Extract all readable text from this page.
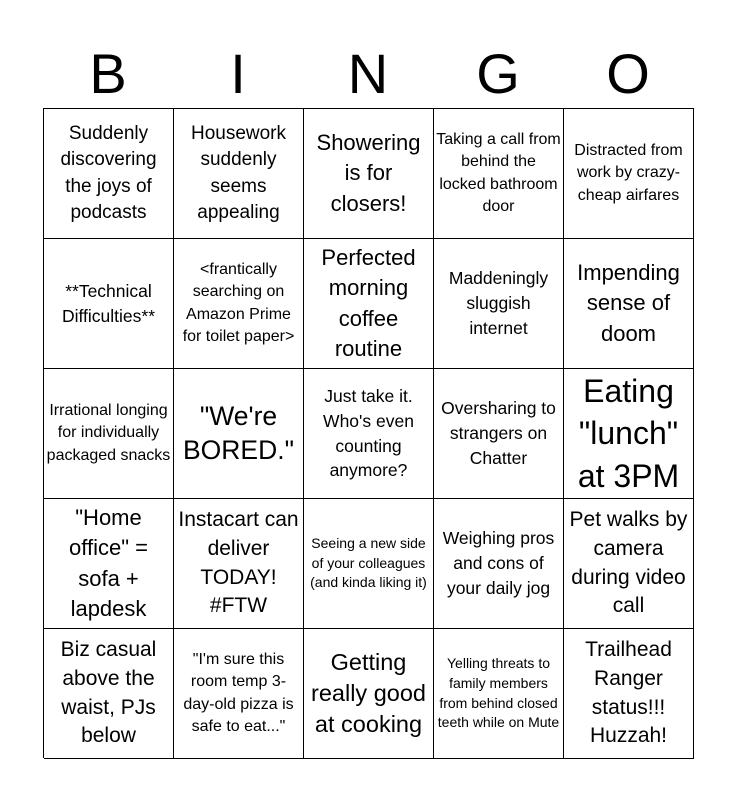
B	I	N	G	O
Suddenly discovering the joys of podcasts
Housework suddenly seems appealing
Showering is for closers!
Taking a call from behind the locked bathroom door
Distracted from work by crazy-cheap airfares
**Technical Difficulties**
<frantically searching on Amazon Prime for toilet paper>
Perfected morning coffee routine
Maddeningly sluggish internet
Impending sense of doom
Irrational longing for individually packaged snacks
"We're BORED."
Just take it. Who's even counting anymore?
Oversharing to strangers on Chatter
Eating "lunch" at 3PM
"Home office" = sofa + lapdesk
Instacart can deliver TODAY! #FTW
Seeing a new side of your colleagues (and kinda liking it)
Weighing pros and cons of your daily jog
Pet walks by camera during video call
Biz casual above the waist, PJs below
"I'm sure this room temp 3-day-old pizza is safe to eat..."
Getting really good at cooking
Yelling threats to family members from behind closed teeth while on Mute
Trailhead Ranger status!!! Huzzah!
